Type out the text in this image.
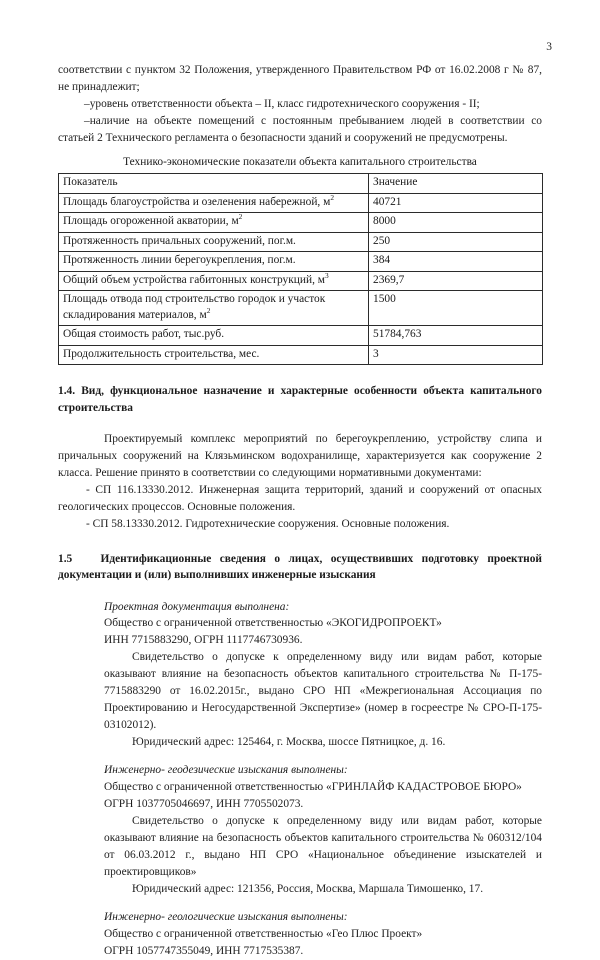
3

соответствии с пунктом 32 Положения, утвержденного Правительством РФ от 16.02.2008 г № 87, не принадлежит;

–уровень ответственности объекта – II, класс гидротехнического сооружения - II;

–наличие на объекте помещений с постоянным пребыванием людей в соответствии со статьей 2 Технического регламента о безопасности зданий и сооружений не предусмотрены.

Технико-экономические показатели объекта капитального строительства
Показатель	Значение
Площадь благоустройства и озеленения набережной, $м^2$	40721
Площадь огороженной акватории, $м^2$	8000
Протяженность причальных сооружений, пог.м.	250
Протяженность линии берегоукрепления, пог.м.	384
Общий объем устройства габитонных конструкций, $м^3$	2369,7
Площадь отвода под строительство городок и участок складирования материалов, $м^2$	1500
Общая стоимость работ, тыс.руб.	51784,763
Продолжительность строительства, мес.	3
1.4. Вид, функциональное назначение и характерные особенности объекта капитального строительства

Проектируемый комплекс мероприятий по берегоукреплению, устройству слипа и причальных сооружений на Клязьминском водохранилище, характеризуется как сооружение 2 класса. Решение принято в соответствии со следующими нормативными документами:

- СП 116.13330.2012. Инженерная защита территорий, зданий и сооружений от опасных геологических процессов. Основные положения.

- СП 58.13330.2012. Гидротехнические сооружения. Основные положения.

1.5 Идентификационные сведения о лицах, осуществивших подготовку проектной документации и (или) выполнивших инженерные изыскания

Проектная документация выполнена:

Общество с ограниченной ответственностью «ЭКОГИДРОПРОЕКТ»

ИНН 7715883290, ОГРН 1117746730936.

Свидетельство о допуске к определенному виду или видам работ, которые оказывают влияние на безопасность объектов капитального строительства № П-175-7715883290 от 16.02.2015г., выдано СРО НП «Межрегиональная Ассоциация по Проектированию и Негосударственной Экспертизе» (номер в госреестре № СРО-П-175-03102012).

Юридический адрес: 125464, г. Москва, шоссе Пятницкое, д. 16.

Инженерно- геодезические изыскания выполнены:

Общество с ограниченной ответственностью «ГРИНЛАЙФ КАДАСТРОВОЕ БЮРО»

ОГРН 1037705046697, ИНН 7705502073.

Свидетельство о допуске к определенному виду или видам работ, которые оказывают влияние на безопасность объектов капитального строительства № 060312/104 от 06.03.2012 г., выдано НП СРО «Национальное объединение изыскателей и проектировщиков»

Юридический адрес: 121356, Россия, Москва, Маршала Тимошенко, 17.

Инженерно- геологические изыскания выполнены:

Общество с ограниченной ответственностью «Гео Плюс Проект»

ОГРН 1057747355049, ИНН 7717535387.
